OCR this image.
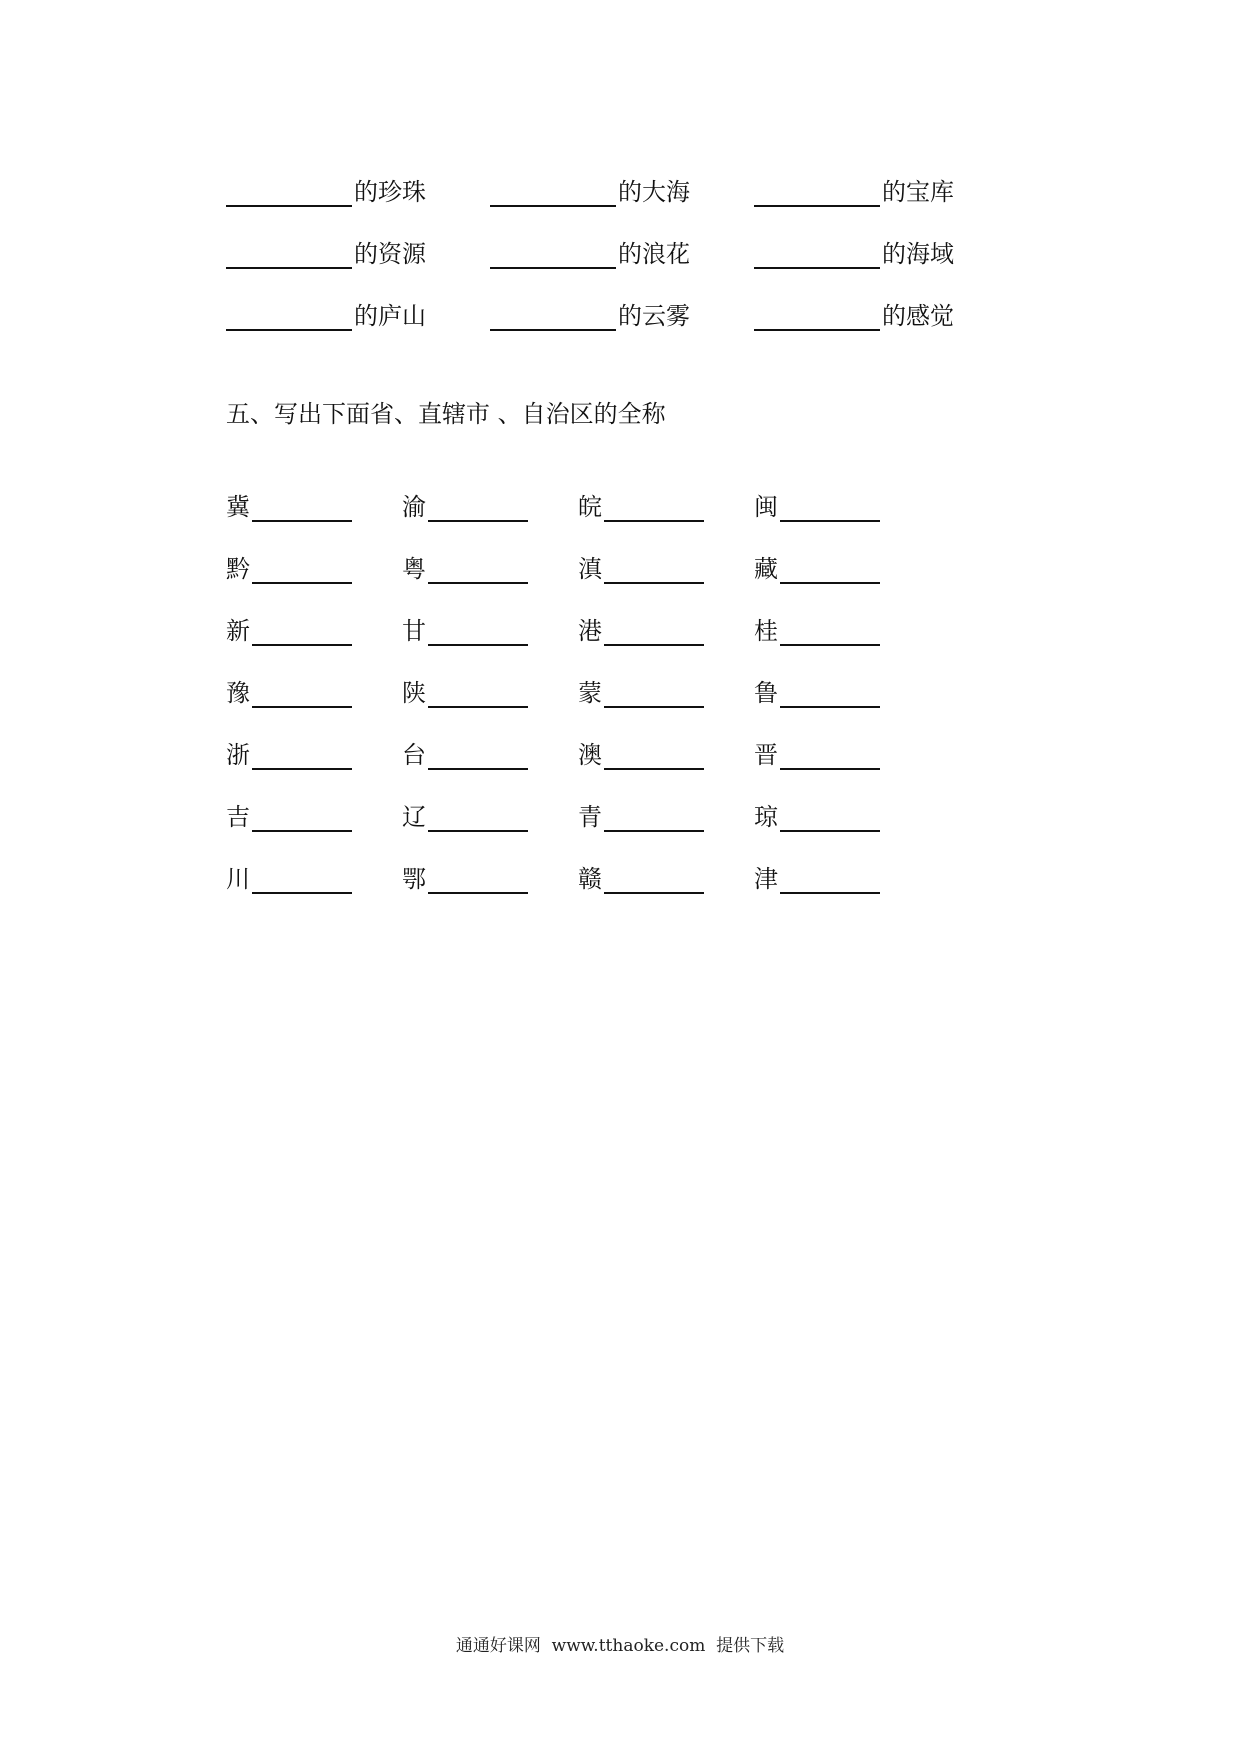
的珍珠	的大海	的宝库
的资源	的浪花	的海域
的庐山	的云雾	的感觉
五、写出下面省、直辖市 、自治区的全称
冀	渝	皖	闽
黔	粤	滇	藏
新	甘	港	桂
豫	陕	蒙	鲁
浙	台	澳	晋
吉	辽	青	琼
川	鄂	赣	津
通通好课网  www.tthaoke.com  提供下载
